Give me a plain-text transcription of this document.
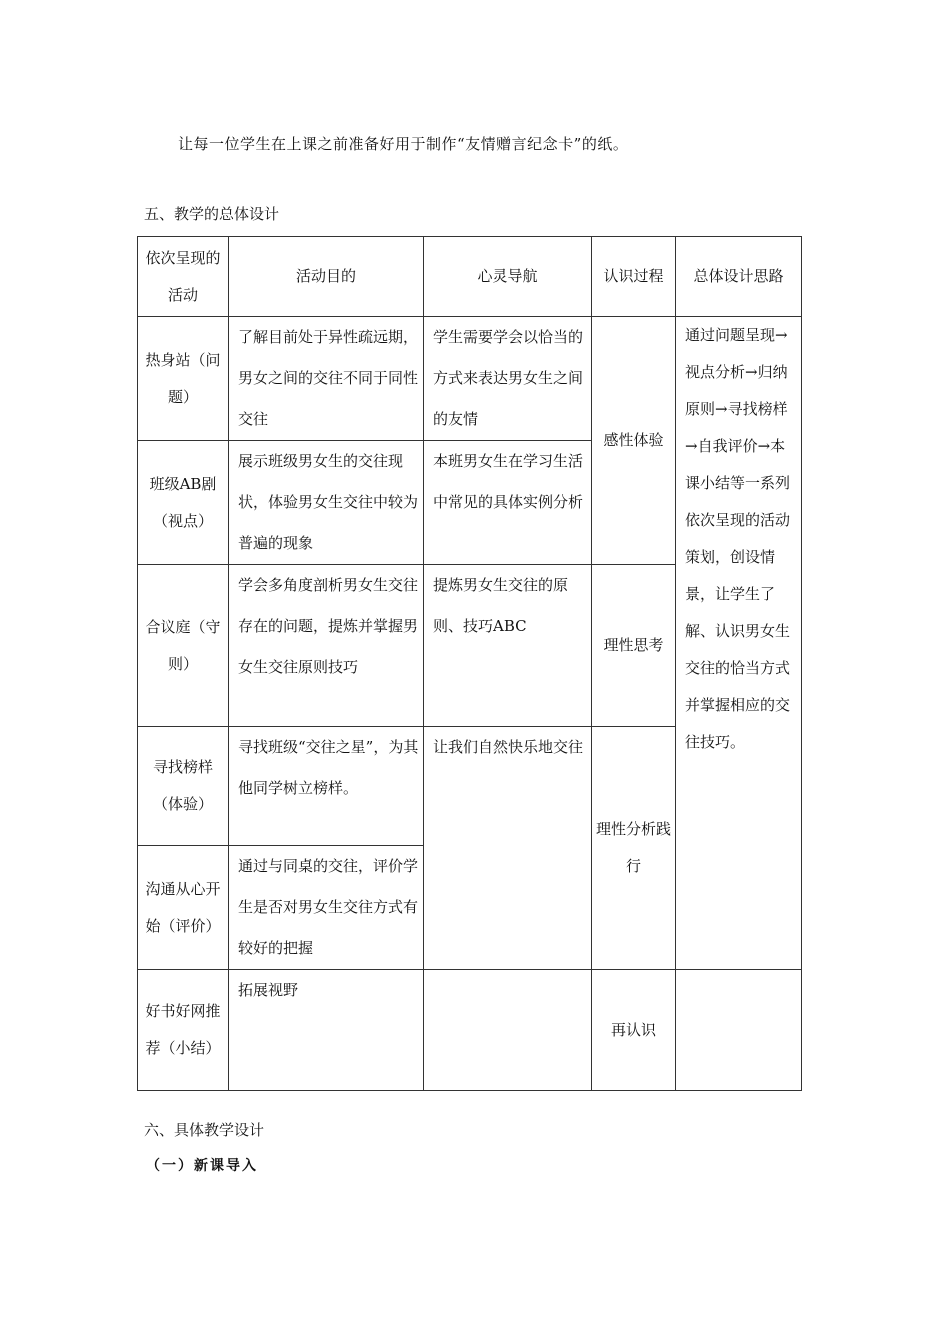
让每一位学生在上课之前准备好用于制作“友情赠言纪念卡”的纸。
五、教学的总体设计
依次呈现的活动	活动目的	心灵导航	认识过程	总体设计思路
热身站（问题）	了解目前处于异性疏远期，男女之间的交往不同于同性交往	学生需要学会以恰当的方式来表达男女生之间的友情	感性体验	通过问题呈现→视点分析→归纳原则→寻找榜样→自我评价→本课小结等一系列依次呈现的活动策划，创设情景，让学生了解、认识男女生交往的恰当方式并掌握相应的交往技巧。
班级AB剧（视点）	展示班级男女生的交往现状，体验男女生交往中较为普遍的现象	本班男女生在学习生活中常见的具体实例分析		
合议庭（守则）	学会多角度剖析男女生交往存在的问题，提炼并掌握男女生交往原则技巧	提炼男女生交往的原则、技巧ABC	理性思考	
寻找榜样（体验）	寻找班级“交往之星”，为其他同学树立榜样。	让我们自然快乐地交往	理性分析践行	
沟通从心开始（评价）	通过与同桌的交往，评价学生是否对男女生交往方式有较好的把握			
好书好网推荐（小结）	拓展视野		再认识	
六、具体教学设计
（一）新课导入
